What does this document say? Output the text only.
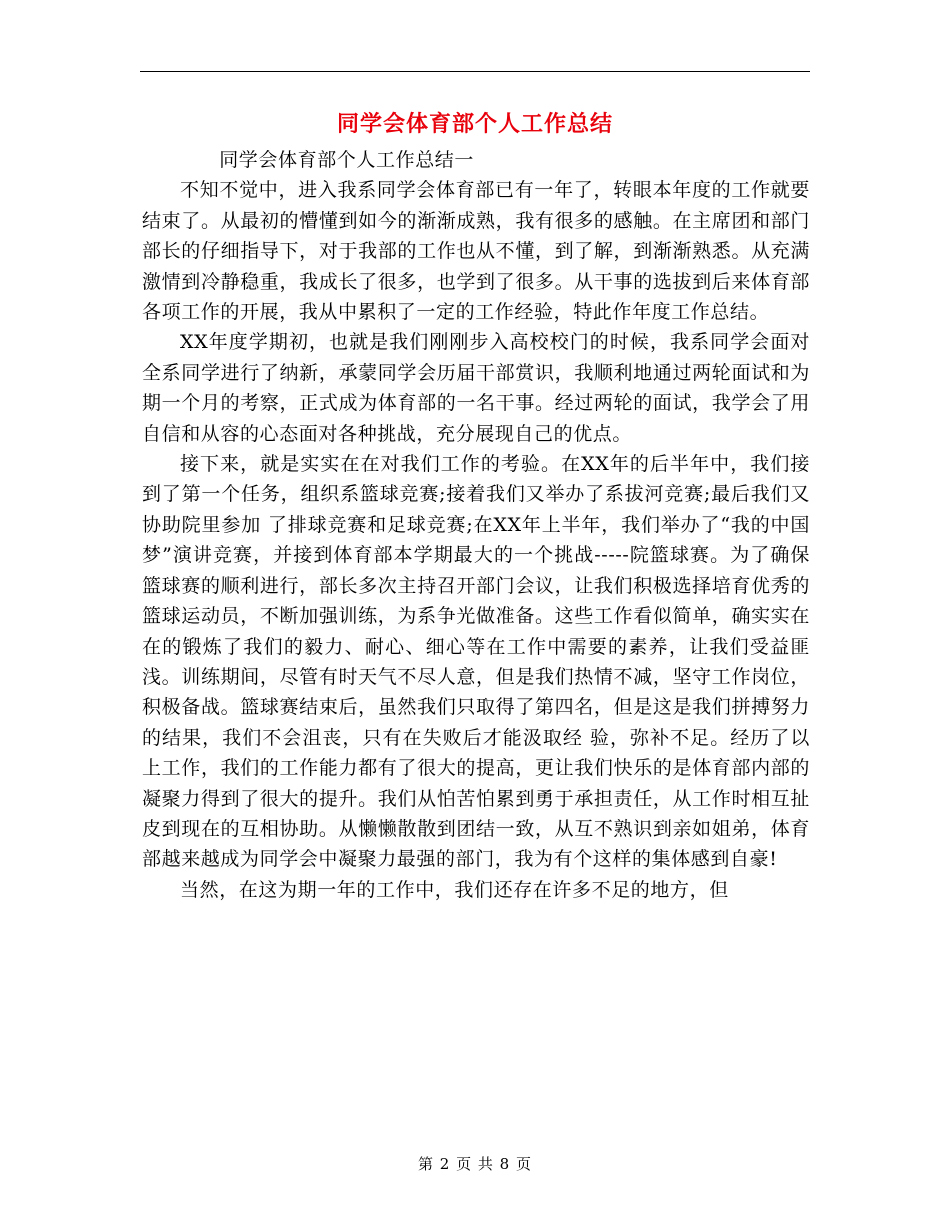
同学会体育部个人工作总结

  同学会体育部个人工作总结一

不知不觉中，进入我系同学会体育部已有一年了，转眼本年度的工作就要结束了。从最初的懵懂到如今的渐渐成熟，我有很多的感触。在主席团和部门部长的仔细指导下，对于我部的工作也从不懂，到了解，到渐渐熟悉。从充满激情到冷静稳重，我成长了很多，也学到了很多。从干事的选拔到后来体育部各项工作的开展，我从中累积了一定的工作经验，特此作年度工作总结。

XX年度学期初，也就是我们刚刚步入高校校门的时候，我系同学会面对全系同学进行了纳新，承蒙同学会历届干部赏识，我顺利地通过两轮面试和为期一个月的考察，正式成为体育部的一名干事。经过两轮的面试，我学会了用自信和从容的心态面对各种挑战，充分展现自己的优点。

接下来，就是实实在在对我们工作的考验。在XX年的后半年中，我们接到了第一个任务，组织系篮球竞赛;接着我们又举办了系拔河竞赛;最后我们又协助院里参加 了排球竞赛和足球竞赛;在XX年上半年，我们举办了“我的中国梦”演讲竞赛，并接到体育部本学期最大的一个挑战-----院篮球赛。为了确保篮球赛的顺利进行，部长多次主持召开部门会议，让我们积极选择培育优秀的篮球运动员，不断加强训练，为系争光做准备。这些工作看似简单，确实实在在的锻炼了我们的毅力、耐心、细心等在工作中需要的素养，让我们受益匪浅。训练期间，尽管有时天气不尽人意，但是我们热情不减，坚守工作岗位，积极备战。篮球赛结束后，虽然我们只取得了第四名，但是这是我们拼搏努力的结果，我们不会沮丧，只有在失败后才能汲取经 验，弥补不足。经历了以上工作，我们的工作能力都有了很大的提高，更让我们快乐的是体育部内部的凝聚力得到了很大的提升。我们从怕苦怕累到勇于承担责任，从工作时相互扯皮到现在的互相协助。从懒懒散散到团结一致，从互不熟识到亲如姐弟，体育部越来越成为同学会中凝聚力最强的部门，我为有个这样的集体感到自豪!

当然，在这为期一年的工作中，我们还存在许多不足的地方，但

第 2 页 共 8 页
